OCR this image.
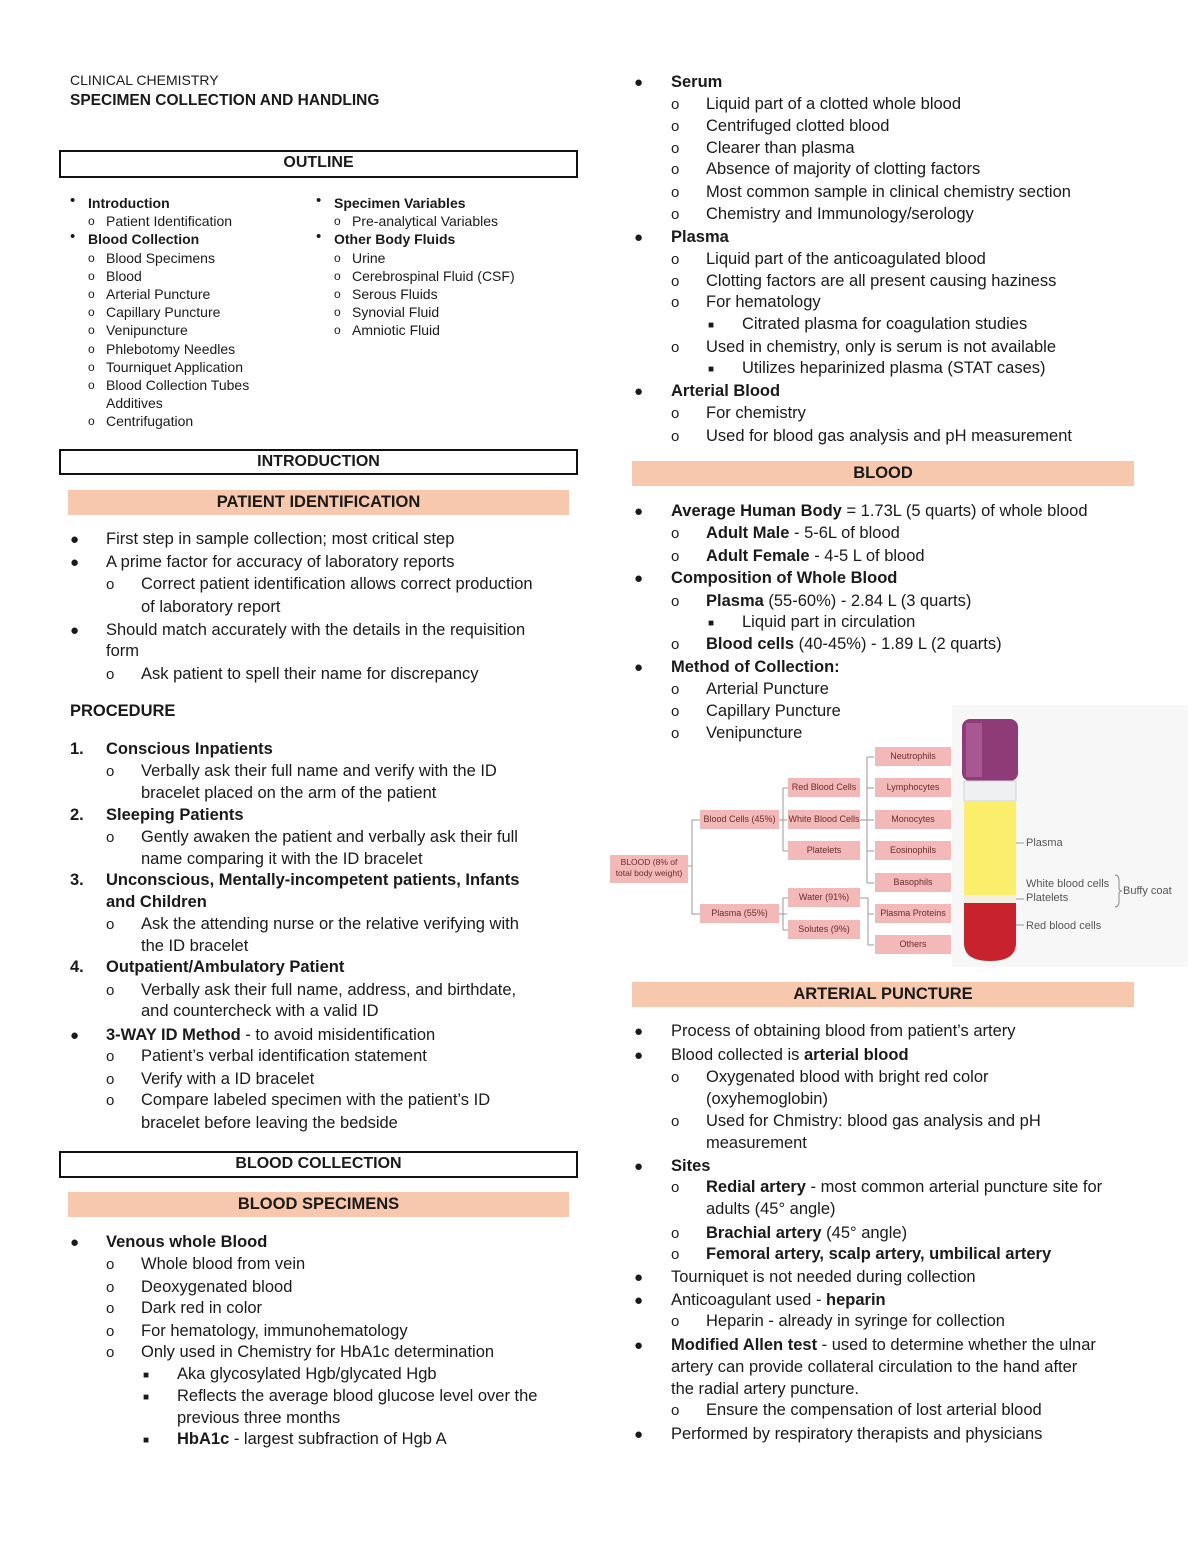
CLINICAL CHEMISTRY
SPECIMEN COLLECTION AND HANDLING
OUTLINE
• Introduction
o Patient Identification
• Blood Collection
o Blood Specimens
o Blood
o Arterial Puncture
o Capillary Puncture
o Venipuncture
o Phlebotomy Needles
o Tourniquet Application
o Blood Collection Tubes
Additives
o Centrifugation
• Specimen Variables
o Pre-analytical Variables
• Other Body Fluids
o Urine
o Cerebrospinal Fluid (CSF)
o Serous Fluids
o Synovial Fluid
o Amniotic Fluid
INTRODUCTION
PATIENT IDENTIFICATION
● First step in sample collection; most critical step
● A prime factor for accuracy of laboratory reports
o Correct patient identification allows correct production
of laboratory report
● Should match accurately with the details in the requisition
form
o Ask patient to spell their name for discrepancy
PROCEDURE
1. Conscious Inpatients
o Verbally ask their full name and verify with the ID
bracelet placed on the arm of the patient
2. Sleeping Patients
o Gently awaken the patient and verbally ask their full
name comparing it with the ID bracelet
3. Unconscious, Mentally-incompetent patients, Infants
and Children
o Ask the attending nurse or the relative verifying with
the ID bracelet
4. Outpatient/Ambulatory Patient
o Verbally ask their full name, address, and birthdate,
and countercheck with a valid ID
● 3-WAY ID Method - to avoid misidentification
o Patient’s verbal identification statement
o Verify with a ID bracelet
o Compare labeled specimen with the patient’s ID
bracelet before leaving the bedside
BLOOD COLLECTION
BLOOD SPECIMENS
● Venous whole Blood
o Whole blood from vein
o Deoxygenated blood
o Dark red in color
o For hematology, immunohematology
o Only used in Chemistry for HbA1c determination
■ Aka glycosylated Hgb/glycated Hgb
■ Reflects the average blood glucose level over the
previous three months
■ HbA1c - largest subfraction of Hgb A
● Serum
o Liquid part of a clotted whole blood
o Centrifuged clotted blood
o Clearer than plasma
o Absence of majority of clotting factors
o Most common sample in clinical chemistry section
o Chemistry and Immunology/serology
● Plasma
o Liquid part of the anticoagulated blood
o Clotting factors are all present causing haziness
o For hematology
■ Citrated plasma for coagulation studies
o Used in chemistry, only is serum is not available
■ Utilizes heparinized plasma (STAT cases)
● Arterial Blood
o For chemistry
o Used for blood gas analysis and pH measurement
BLOOD
● Average Human Body = 1.73L (5 quarts) of whole blood
o Adult Male - 5-6L of blood
o Adult Female - 4-5 L of blood
● Composition of Whole Blood
o Plasma (55-60%) - 2.84 L (3 quarts)
■ Liquid part in circulation
o Blood cells (40-45%) - 1.89 L (2 quarts)
● Method of Collection:
o Arterial Puncture
o Capillary Puncture
o Venipuncture
BLOOD (8% of
total body weight)
Blood Cells (45%)
Plasma (55%)
Red Blood Cells
White Blood Cells
Platelets
Water (91%)
Solutes (9%)
Neutrophils
Lymphocytes
Monocytes
Eosinophils
Basophils
Plasma Proteins
Others
Plasma
White blood cells
Platelets
Buffy coat
Red blood cells
ARTERIAL PUNCTURE
● Process of obtaining blood from patient’s artery
● Blood collected is arterial blood
o Oxygenated blood with bright red color
(oxyhemoglobin)
o Used for Chmistry: blood gas analysis and pH
measurement
● Sites
o Redial artery - most common arterial puncture site for
adults (45° angle)
o Brachial artery (45° angle)
o Femoral artery, scalp artery, umbilical artery
● Tourniquet is not needed during collection
● Anticoagulant used - heparin
o Heparin - already in syringe for collection
● Modified Allen test - used to determine whether the ulnar
artery can provide collateral circulation to the hand after
the radial artery puncture.
o Ensure the compensation of lost arterial blood
● Performed by respiratory therapists and physicians
